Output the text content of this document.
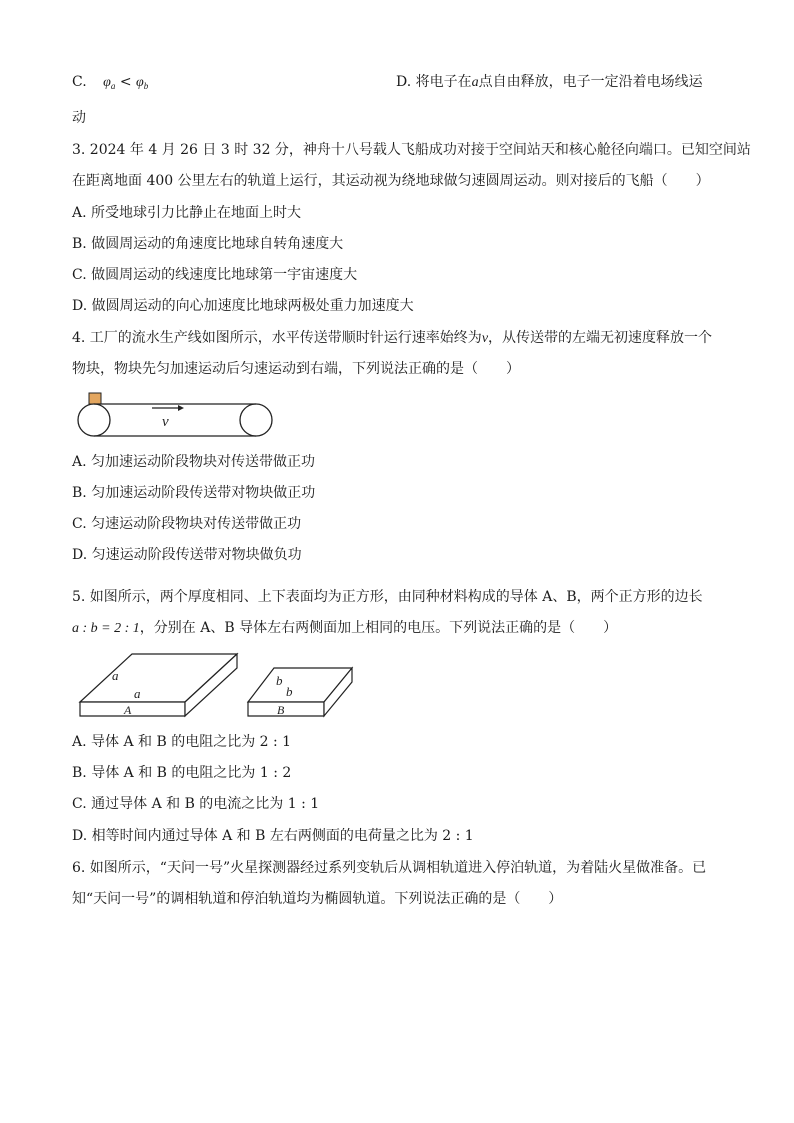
C. $\varphi_a < \varphi_b$	D. 将电子在a点自由释放，电子一定沿着电场线运
动
3. 2024 年 4 月 26 日 3 时 32 分，神舟十八号载人飞船成功对接于空间站天和核心舱径向端口。已知空间站
在距离地面 400 公里左右的轨道上运行，其运动视为绕地球做匀速圆周运动。则对接后的飞船（　　）
A. 所受地球引力比静止在地面上时大
B. 做圆周运动的角速度比地球自转角速度大
C. 做圆周运动的线速度比地球第一宇宙速度大
D. 做圆周运动的向心加速度比地球两极处重力加速度大
4. 工厂的流水生产线如图所示，水平传送带顺时针运行速率始终为v，从传送带的左端无初速度释放一个
物块，物块先匀加速运动后匀速运动到右端，下列说法正确的是（　　）
v
A. 匀加速运动阶段物块对传送带做正功
B. 匀加速运动阶段传送带对物块做正功
C. 匀速运动阶段物块对传送带做正功
D. 匀速运动阶段传送带对物块做负功
5. 如图所示，两个厚度相同、上下表面均为正方形，由同种材料构成的导体 A、B，两个正方形的边长
a : b = 2 : 1，分别在 A、B 导体左右两侧面加上相同的电压。下列说法正确的是（　　）
a
a
A
b
b
B
A. 导体 A 和 B 的电阻之比为 2 : 1
B. 导体 A 和 B 的电阻之比为 1 : 2
C. 通过导体 A 和 B 的电流之比为 1 : 1
D. 相等时间内通过导体 A 和 B 左右两侧面的电荷量之比为 2 : 1
6. 如图所示，“天问一号”火星探测器经过系列变轨后从调相轨道进入停泊轨道，为着陆火星做准备。已
知“天问一号”的调相轨道和停泊轨道均为椭圆轨道。下列说法正确的是（　　）
